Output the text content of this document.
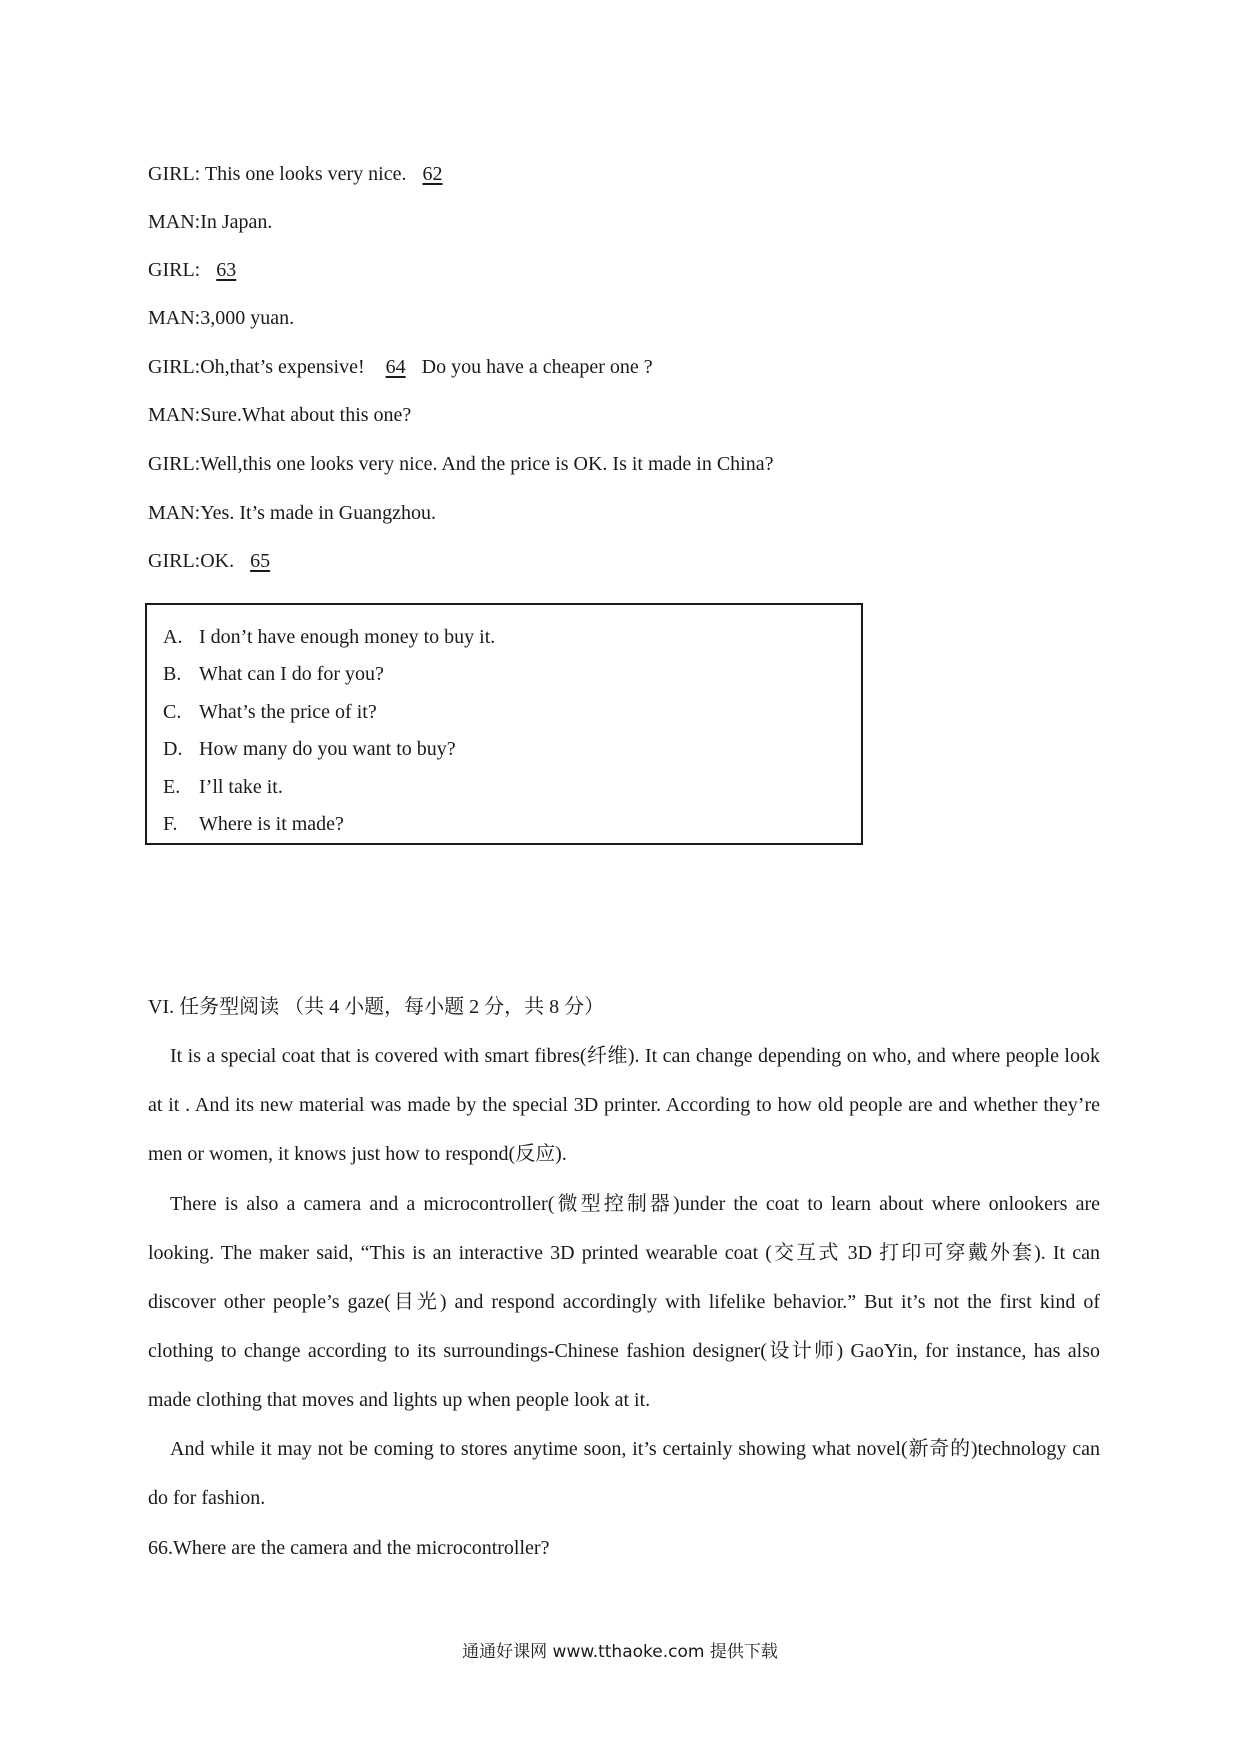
GIRL: This one looks very nice. 62
MAN:In Japan.
GIRL: 63
MAN:3,000 yuan.
GIRL:Oh,that’s expensive! 64 Do you have a cheaper one ?
MAN:Sure.What about this one?
GIRL:Well,this one looks very nice. And the price is OK. Is it made in China?
MAN:Yes. It’s made in Guangzhou.
GIRL:OK. 65
A. I don’t have enough money to buy it.
B. What can I do for you?
C. What’s the price of it?
D. How many do you want to buy?
E. I’ll take it.
F. Where is it made?
VI. 任务型阅读 （共 4 小题，每小题 2 分，共 8 分）
It is a special coat that is covered with smart fibres(纤维). It can change depending on who, and where people look at it . And its new material was made by the special 3D printer. According to how old people are and whether they’re men or women, it knows just how to respond(反应).
There is also a camera and a microcontroller(微型控制器)under the coat to learn about where onlookers are looking. The maker said, “This is an interactive 3D printed wearable coat (交互式 3D 打印可穿戴外套). It can discover other people’s gaze(目光) and respond accordingly with lifelike behavior.” But it’s not the first kind of clothing to change according to its surroundings-Chinese fashion designer(设计师) GaoYin, for instance, has also made clothing that moves and lights up when people look at it.
And while it may not be coming to stores anytime soon, it’s certainly showing what novel(新奇的)technology can do for fashion.
66.Where are the camera and the microcontroller?
通通好课网 www.tthaoke.com 提供下载
